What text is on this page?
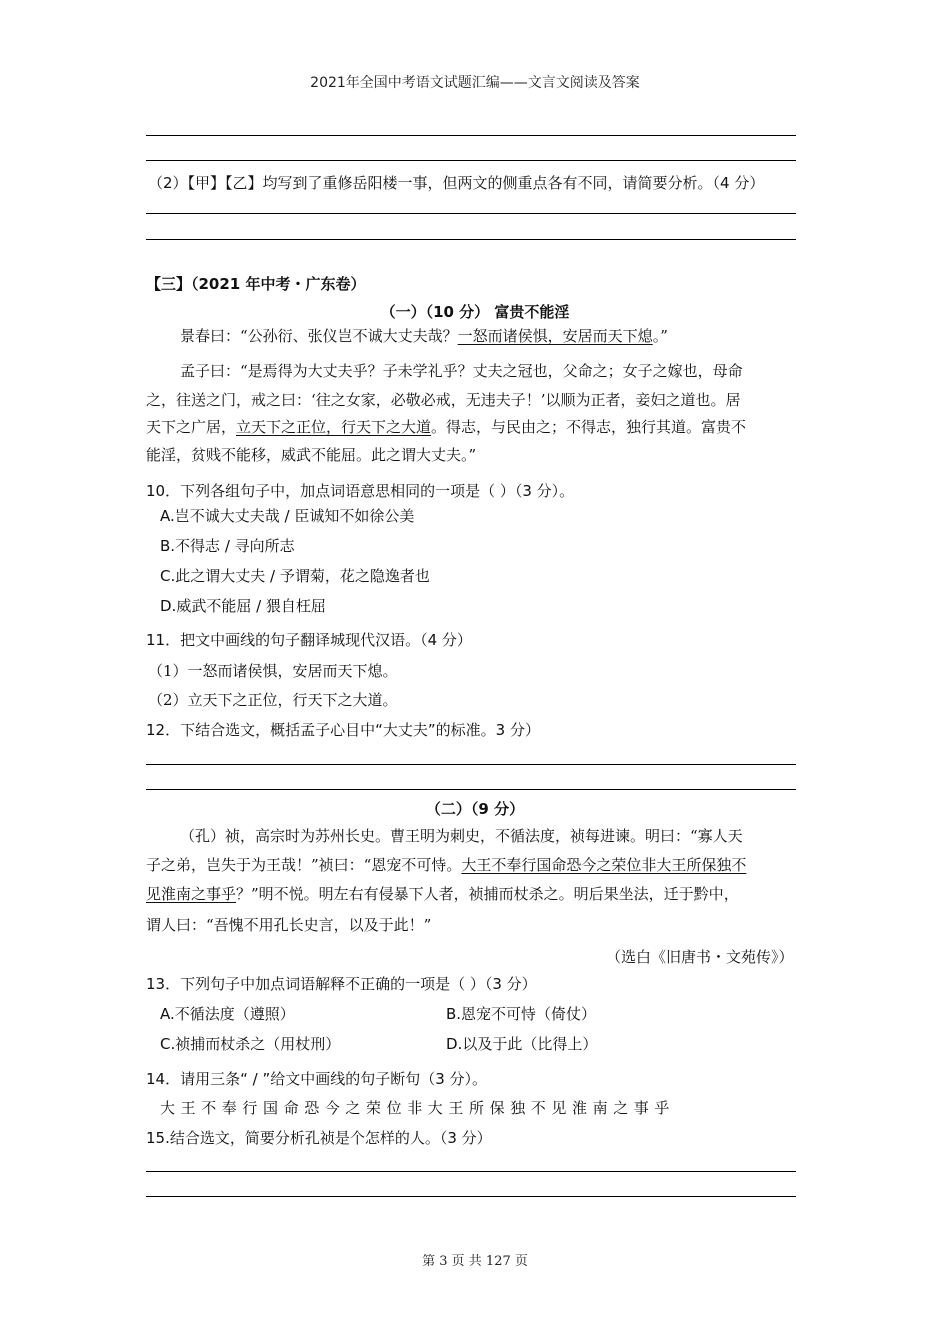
2021年全国中考语文试题汇编——文言文阅读及答案
（2）【甲】【乙】均写到了重修岳阳楼一事，但两文的侧重点各有不同，请简要分析。（4 分）
【三】（2021 年中考・广东卷）
（一）（10 分） 富贵不能淫
景春曰：“公孙衍、张仪岂不诚大丈夫哉？一怒而诸侯惧，安居而天下熄。”
孟子曰：“是焉得为大丈夫乎？子未学礼乎？丈夫之冠也，父命之；女子之嫁也，母命
之，往送之门，戒之曰：‘往之女家，必敬必戒，无违夫子！’以顺为正者，妾妇之道也。居
天下之广居，立天下之正位，行天下之大道。得志，与民由之；不得志，独行其道。富贵不
能淫，贫贱不能移，威武不能屈。此之谓大丈夫。”
10．下列各组句子中，加点词语意思相同的一项是（ ）（3 分）。
A.岂不诚大丈夫哉 / 臣诚知不如徐公美
B.不得志 / 寻向所志
C.此之谓大丈夫 / 予谓菊，花之隐逸者也
D.威武不能屈 / 猥自枉屈
11．把文中画线的句子翻译城现代汉语。（4 分）
（1）一怒而诸侯惧，安居而天下熄。
（2）立天下之正位，行天下之大道。
12．下结合选文，概括孟子心目中“大丈夫”的标准。3 分）
（二）（9 分）
（孔）祯，高宗时为苏州长史。曹王明为刺史，不循法度，祯每进谏。明曰：“寡人天
子之弟，岂失于为王哉！”祯曰：“恩宠不可恃。大王不奉行国命恐今之荣位非大王所保独不
见淮南之事乎？”明不悦。明左右有侵暴下人者，祯捕而杖杀之。明后果坐法，迁于黔中，
谓人曰：“吾愧不用孔长史言，以及于此！”
（选白《旧唐书・文苑传》）
13．下列句子中加点词语解释不正确的一项是（ ）（3 分）
A.不循法度（遵照）	B.恩宠不可恃（倚仗）
C.祯捕而杖杀之（用杖刑）	D.以及于此（比得上）
14．请用三条“ / ”给文中画线的句子断句（3 分）。
大王不奉行国命恐今之荣位非大王所保独不见淮南之事乎
15.结合选文，简要分析孔祯是个怎样的人。（3 分）
第 3 页 共 127 页
